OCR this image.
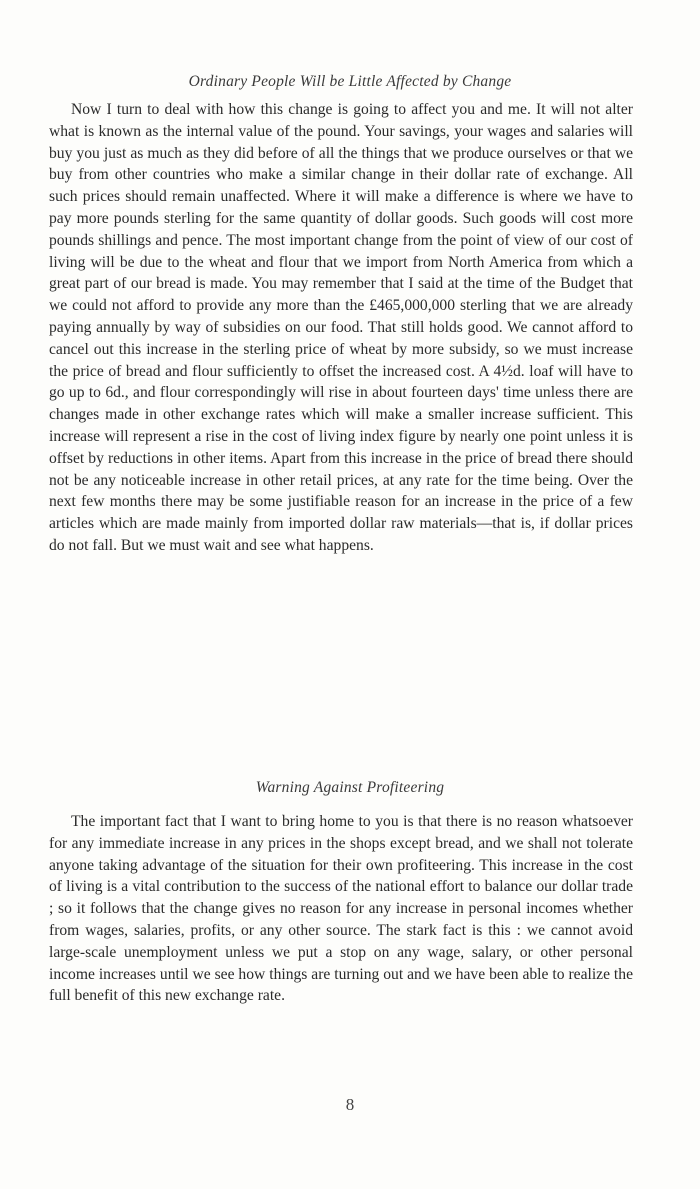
Ordinary People Will be Little Affected by Change

Now I turn to deal with how this change is going to affect you and me. It will not alter what is known as the internal value of the pound. Your savings, your wages and salaries will buy you just as much as they did before of all the things that we produce ourselves or that we buy from other countries who make a similar change in their dollar rate of exchange. All such prices should remain unaffected. Where it will make a difference is where we have to pay more pounds sterling for the same quantity of dollar goods. Such goods will cost more pounds shillings and pence. The most important change from the point of view of our cost of living will be due to the wheat and flour that we import from North America from which a great part of our bread is made. You may remember that I said at the time of the Budget that we could not afford to provide any more than the £465,000,000 sterling that we are already paying annually by way of subsidies on our food. That still holds good. We cannot afford to cancel out this increase in the sterling price of wheat by more subsidy, so we must increase the price of bread and flour sufficiently to offset the increased cost. A 4½d. loaf will have to go up to 6d., and flour correspondingly will rise in about fourteen days' time unless there are changes made in other exchange rates which will make a smaller increase sufficient. This increase will represent a rise in the cost of living index figure by nearly one point unless it is offset by reductions in other items. Apart from this increase in the price of bread there should not be any noticeable increase in other retail prices, at any rate for the time being. Over the next few months there may be some justifiable reason for an increase in the price of a few articles which are made mainly from imported dollar raw materials—that is, if dollar prices do not fall. But we must wait and see what happens.

Warning Against Profiteering

The important fact that I want to bring home to you is that there is no reason whatsoever for any immediate increase in any prices in the shops except bread, and we shall not tolerate anyone taking advantage of the situation for their own profiteering. This increase in the cost of living is a vital contribution to the success of the national effort to balance our dollar trade ; so it follows that the change gives no reason for any increase in personal incomes whether from wages, salaries, profits, or any other source. The stark fact is this : we cannot avoid large-scale unemployment unless we put a stop on any wage, salary, or other personal income increases until we see how things are turning out and we have been able to realize the full benefit of this new exchange rate.

8
